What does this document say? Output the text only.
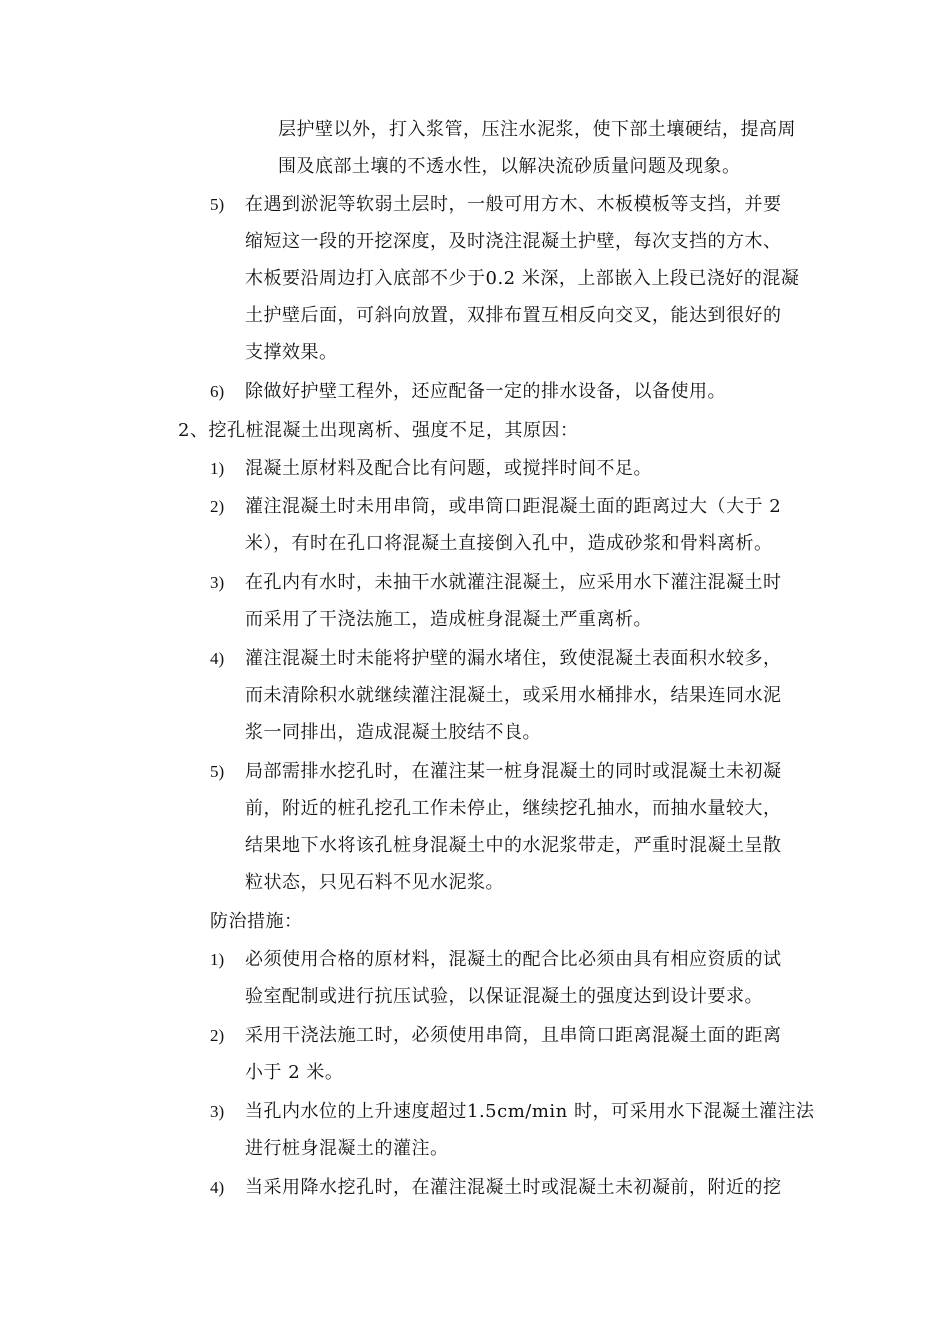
层护壁以外，打入浆管，压注水泥浆，使下部土壤硬结，提高周
围及底部土壤的不透水性，以解决流砂质量问题及现象。
5) 在遇到淤泥等软弱土层时，一般可用方木、木板模板等支挡，并要
缩短这一段的开挖深度，及时浇注混凝土护壁，每次支挡的方木、
木板要沿周边打入底部不少于0.2 米深，上部嵌入上段已浇好的混凝
土护壁后面，可斜向放置，双排布置互相反向交叉，能达到很好的
支撑效果。
6) 除做好护壁工程外，还应配备一定的排水设备，以备使用。
2、挖孔桩混凝土出现离析、强度不足，其原因：
1) 混凝土原材料及配合比有问题，或搅拌时间不足。
2) 灌注混凝土时未用串筒，或串筒口距混凝土面的距离过大（大于 2
米），有时在孔口将混凝土直接倒入孔中，造成砂浆和骨料离析。
3) 在孔内有水时，未抽干水就灌注混凝土，应采用水下灌注混凝土时
而采用了干浇法施工，造成桩身混凝土严重离析。
4) 灌注混凝土时未能将护壁的漏水堵住，致使混凝土表面积水较多，
而未清除积水就继续灌注混凝土，或采用水桶排水，结果连同水泥
浆一同排出，造成混凝土胶结不良。
5) 局部需排水挖孔时，在灌注某一桩身混凝土的同时或混凝土未初凝
前，附近的桩孔挖孔工作未停止，继续挖孔抽水，而抽水量较大，
结果地下水将该孔桩身混凝土中的水泥浆带走，严重时混凝土呈散
粒状态，只见石料不见水泥浆。
防治措施：
1) 必须使用合格的原材料，混凝土的配合比必须由具有相应资质的试
验室配制或进行抗压试验，以保证混凝土的强度达到设计要求。
2) 采用干浇法施工时，必须使用串筒，且串筒口距离混凝土面的距离
小于 2 米。
3) 当孔内水位的上升速度超过1.5cm/min 时，可采用水下混凝土灌注法
进行桩身混凝土的灌注。
4) 当采用降水挖孔时，在灌注混凝土时或混凝土未初凝前，附近的挖
